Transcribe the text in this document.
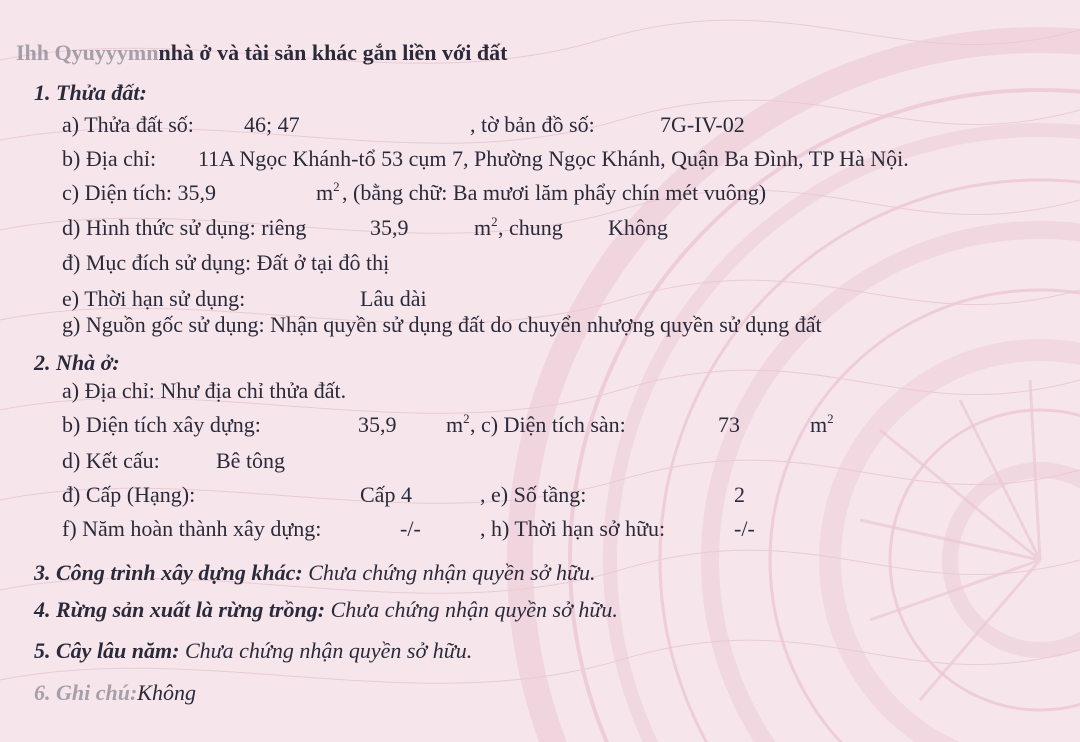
Ihh Qyuyyymnnhà ở và tài sản khác gắn liền với đất
1. Thửa đất:
a) Thửa đất số: 46; 47	, tờ bản đồ số:	7G-IV-02
b) Địa chỉ: 11A Ngọc Khánh-tổ 53 cụm 7, Phường Ngọc Khánh, Quận Ba Đình, TP Hà Nội.
c) Diện tích: 35,9	$m^2$ , (bằng chữ: Ba mươi lăm phẩy chín mét vuông)
d) Hình thức sử dụng: riêng	35,9	$m^2$ , chung Không
đ) Mục đích sử dụng: Đất ở tại đô thị
e) Thời hạn sử dụng:	Lâu dài
g) Nguồn gốc sử dụng: Nhận quyền sử dụng đất do chuyển nhượng quyền sử dụng đất
2. Nhà ở:
a) Địa chỉ: Như địa chỉ thửa đất.
b) Diện tích xây dựng:	35,9 $m^2$ , c) Diện tích sàn:	73	$m^2$
d) Kết cấu:	Bê tông
đ) Cấp (Hạng):	Cấp 4	, e) Số tầng:	2
f) Năm hoàn thành xây dựng:	-/-	, h) Thời hạn sở hữu:	-/-
3. Công trình xây dựng khác: Chưa chứng nhận quyền sở hữu.
4. Rừng sản xuất là rừng trồng: Chưa chứng nhận quyền sở hữu.
5. Cây lâu năm: Chưa chứng nhận quyền sở hữu.
6. Ghi chú:Không
